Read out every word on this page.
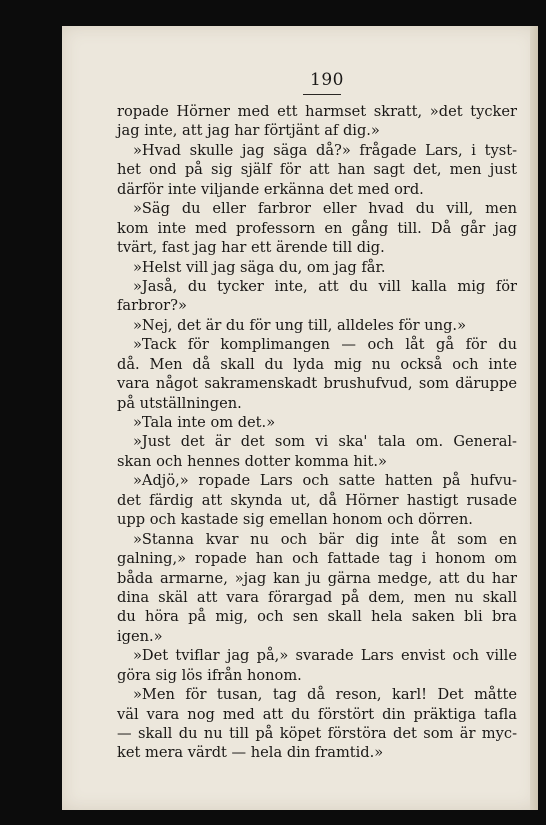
190
ropade Hörner med ett harmset skratt, »det tycker
jag inte, att jag har förtjänt af dig.»
»Hvad skulle jag säga då?» frågade Lars, i tyst-
het ond på sig själf för att han sagt det, men just
därför inte viljande erkänna det med ord.
»Säg du eller farbror eller hvad du vill, men
kom inte med professorn en gång till. Då går jag
tvärt, fast jag har ett ärende till dig.
»Helst vill jag säga du, om jag får.
»Jaså, du tycker inte, att du vill kalla mig för
farbror?»
»Nej, det är du för ung till, alldeles för ung.»
»Tack för komplimangen — och låt gå för du
då. Men då skall du lyda mig nu också och inte
vara något sakramenskadt brushufvud, som däruppe
på utställningen.
»Tala inte om det.»
»Just det är det som vi ska' tala om. General-
skan och hennes dotter komma hit.»
»Adjö,» ropade Lars och satte hatten på hufvu-
det färdig att skynda ut, då Hörner hastigt rusade
upp och kastade sig emellan honom och dörren.
»Stanna kvar nu och bär dig inte åt som en
galning,» ropade han och fattade tag i honom om
båda armarne, »jag kan ju gärna medge, att du har
dina skäl att vara förargad på dem, men nu skall
du höra på mig, och sen skall hela saken bli bra
igen.»
»Det tviflar jag på,» svarade Lars envist och ville
göra sig lös ifrån honom.
»Men för tusan, tag då reson, karl! Det måtte
väl vara nog med att du förstört din präktiga tafla
— skall du nu till på köpet förstöra det som är myc-
ket mera värdt — hela din framtid.»
